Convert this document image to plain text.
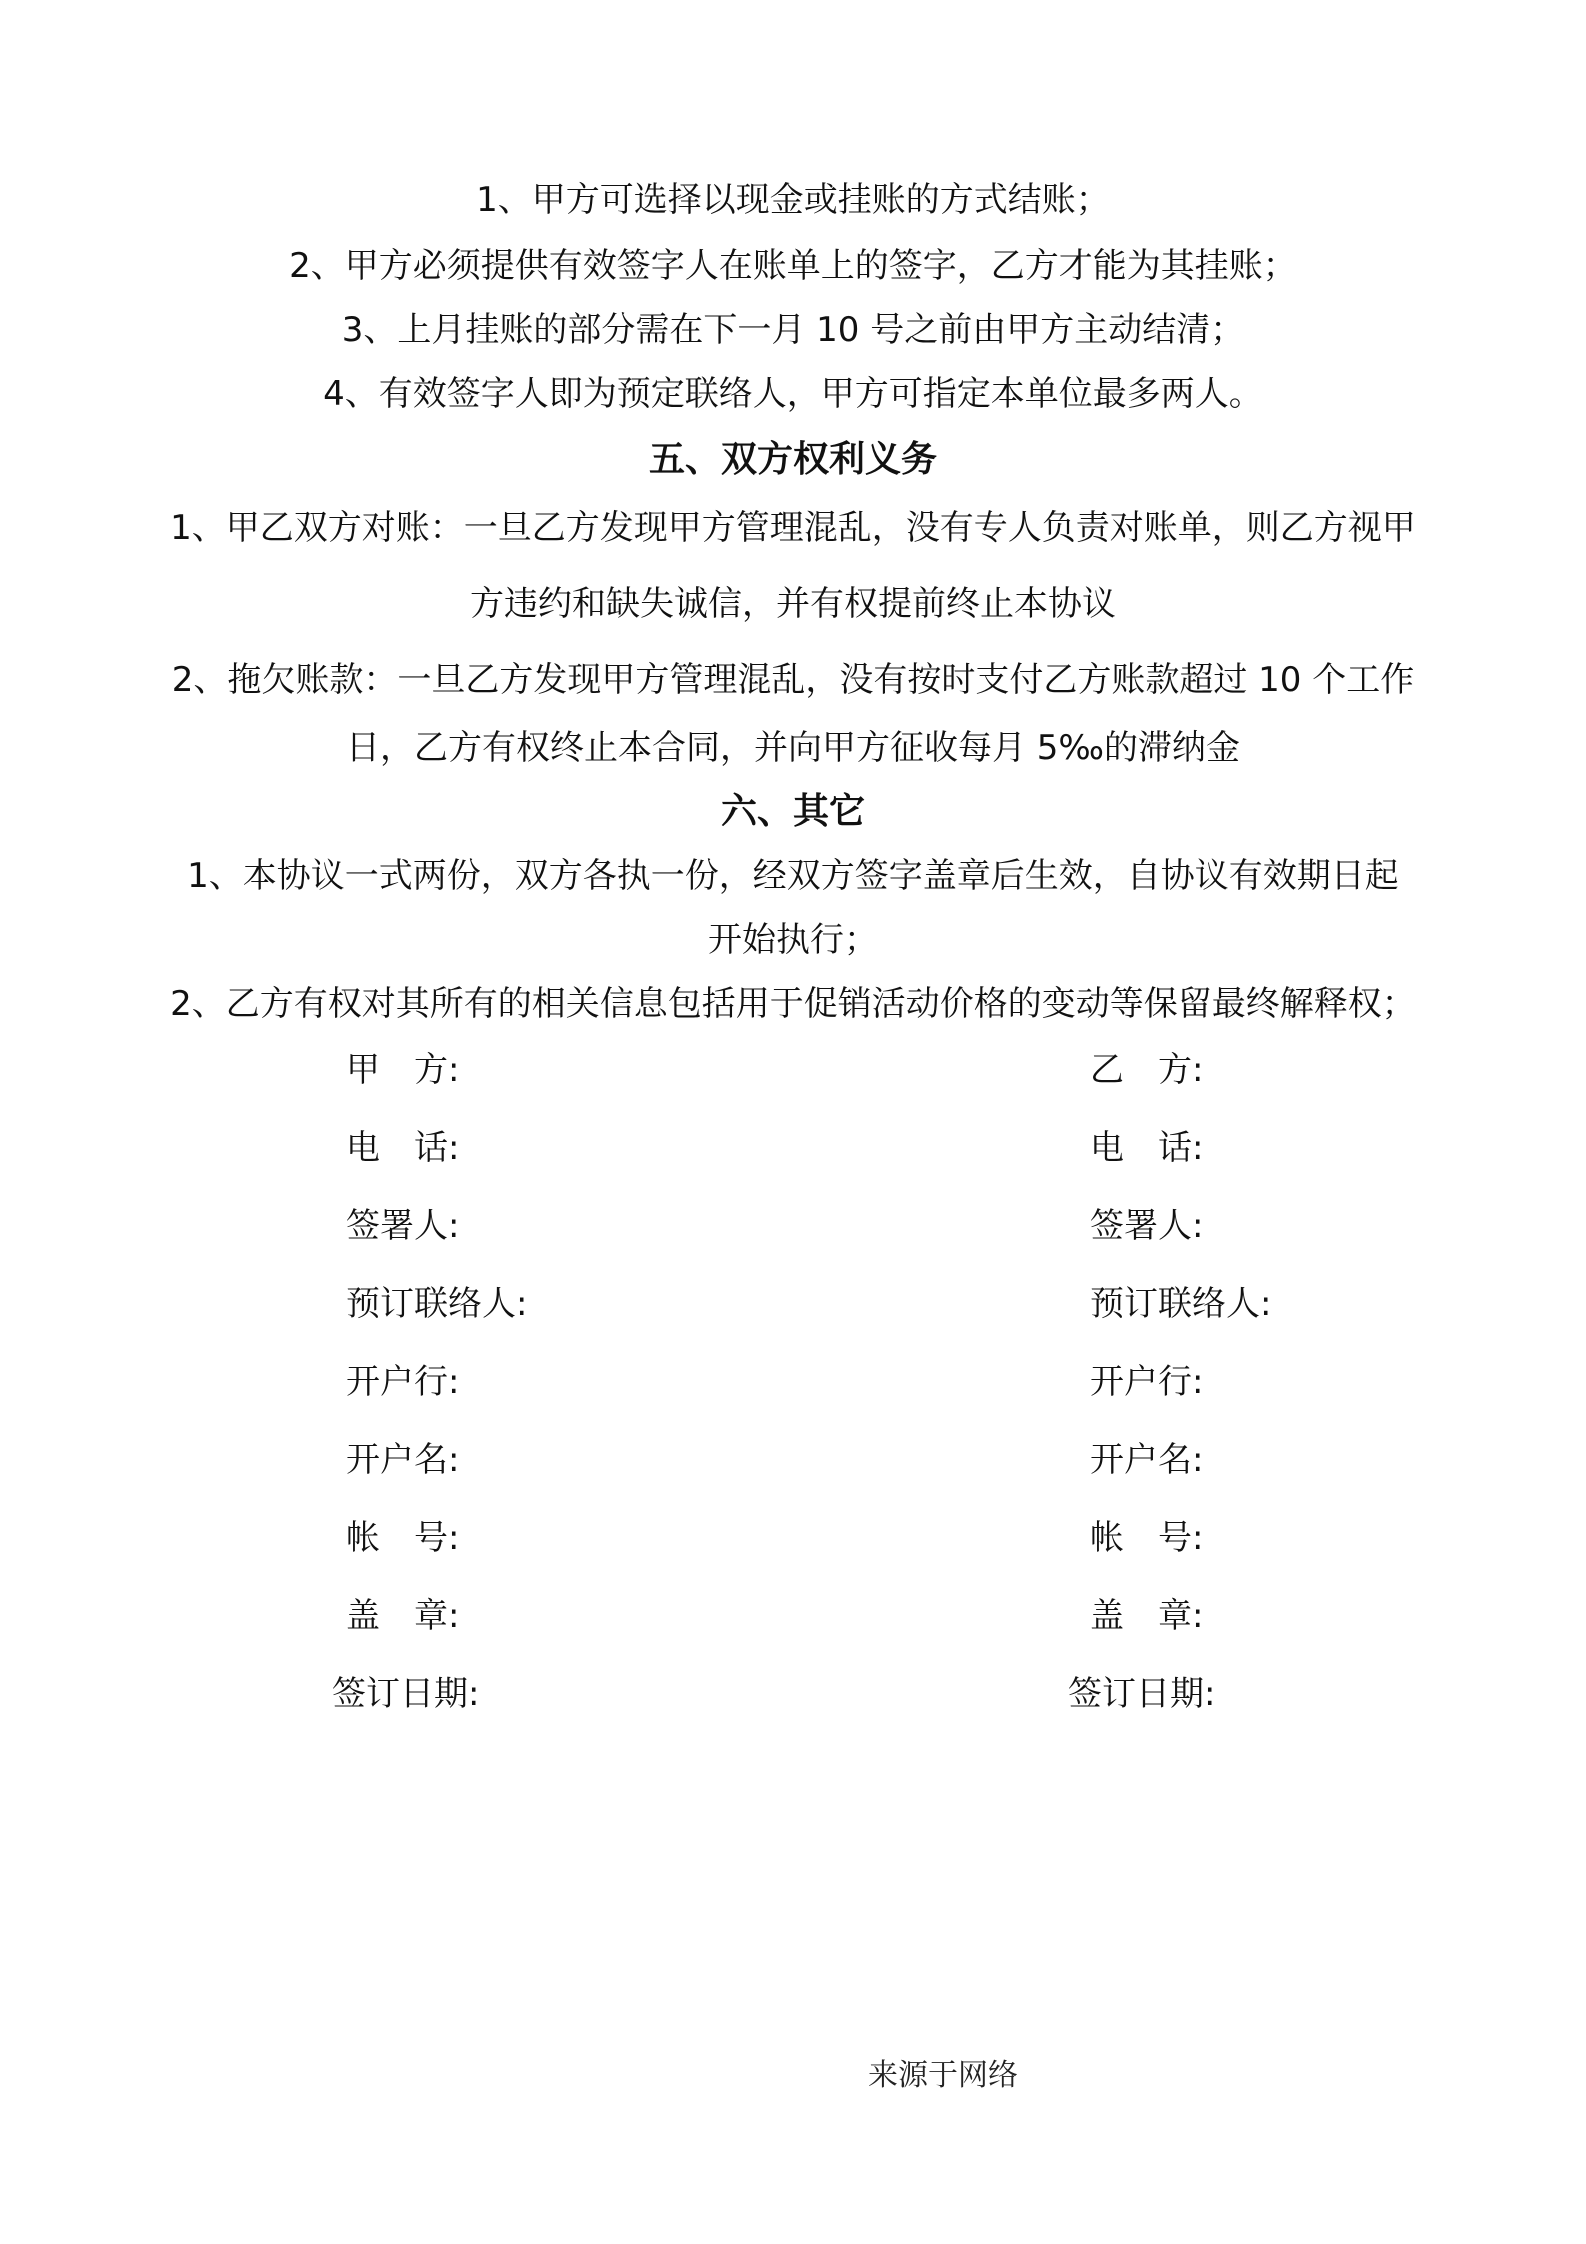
1、甲方可选择以现金或挂账的方式结账；
2、甲方必须提供有效签字人在账单上的签字，乙方才能为其挂账；
3、上月挂账的部分需在下一月 10 号之前由甲方主动结清；
4、有效签字人即为预定联络人，甲方可指定本单位最多两人。
五、双方权利义务
1、甲乙双方对账：一旦乙方发现甲方管理混乱，没有专人负责对账单，则乙方视甲
方违约和缺失诚信，并有权提前终止本协议
2、拖欠账款：一旦乙方发现甲方管理混乱，没有按时支付乙方账款超过 10 个工作
日，乙方有权终止本合同，并向甲方征收每月 5‰的滞纳金
六、其它
1、本协议一式两份，双方各执一份，经双方签字盖章后生效，自协议有效期日起
开始执行；
2、乙方有权对其所有的相关信息包括用于促销活动价格的变动等保留最终解释权；
甲　方:
电　话:
签署人:
预订联络人:
开户行:
开户名:
帐　号:
盖　章:
签订日期:
乙　方:
电　话:
签署人:
预订联络人:
开户行:
开户名:
帐　号:
盖　章:
签订日期:
来源于网络
